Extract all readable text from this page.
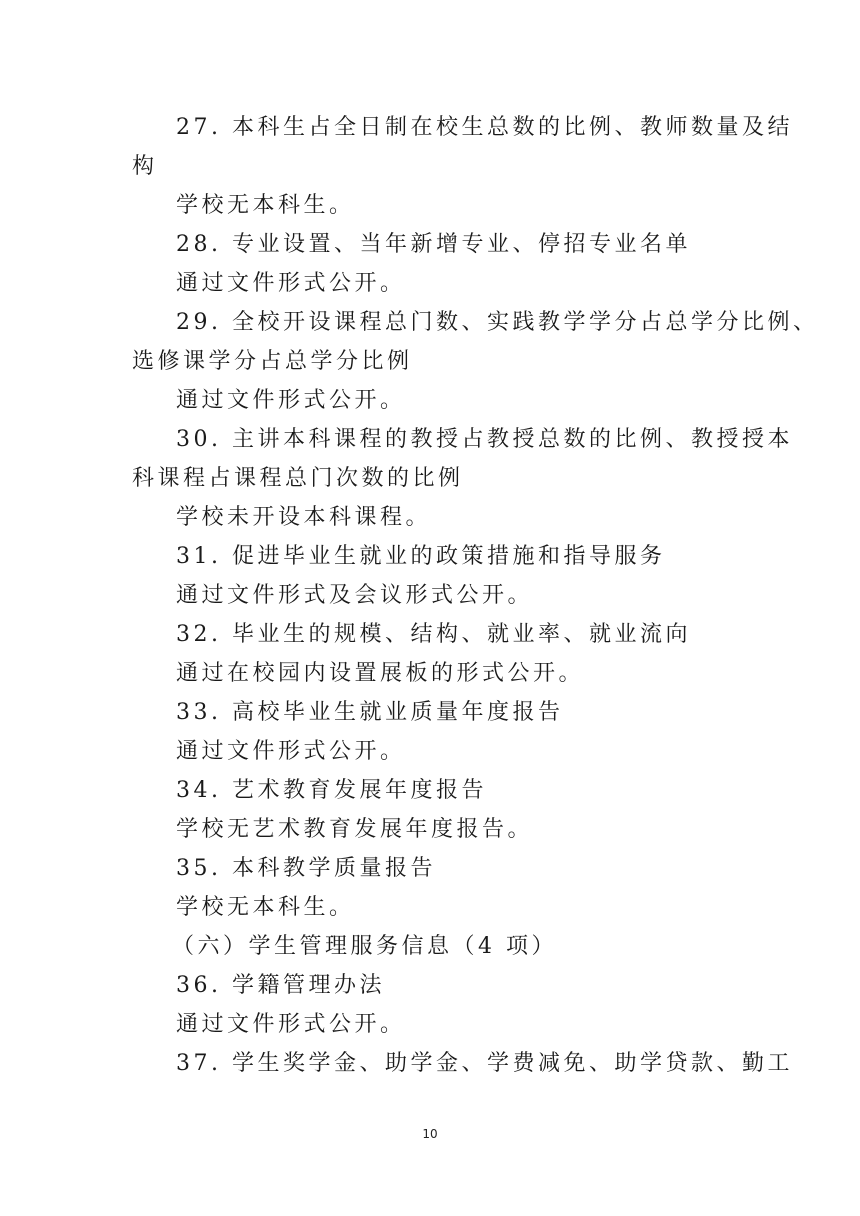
27. 本科生占全日制在校生总数的比例、教师数量及结

构

学校无本科生。

28. 专业设置、当年新增专业、停招专业名单

通过文件形式公开。

29. 全校开设课程总门数、实践教学学分占总学分比例、

选修课学分占总学分比例

通过文件形式公开。

30. 主讲本科课程的教授占教授总数的比例、教授授本

科课程占课程总门次数的比例

学校未开设本科课程。

31. 促进毕业生就业的政策措施和指导服务

通过文件形式及会议形式公开。

32. 毕业生的规模、结构、就业率、就业流向

通过在校园内设置展板的形式公开。

33. 高校毕业生就业质量年度报告

通过文件形式公开。

34. 艺术教育发展年度报告

学校无艺术教育发展年度报告。

35. 本科教学质量报告

学校无本科生。

（六）学生管理服务信息（4 项）

36. 学籍管理办法

通过文件形式公开。

37. 学生奖学金、助学金、学费减免、助学贷款、勤工

10
